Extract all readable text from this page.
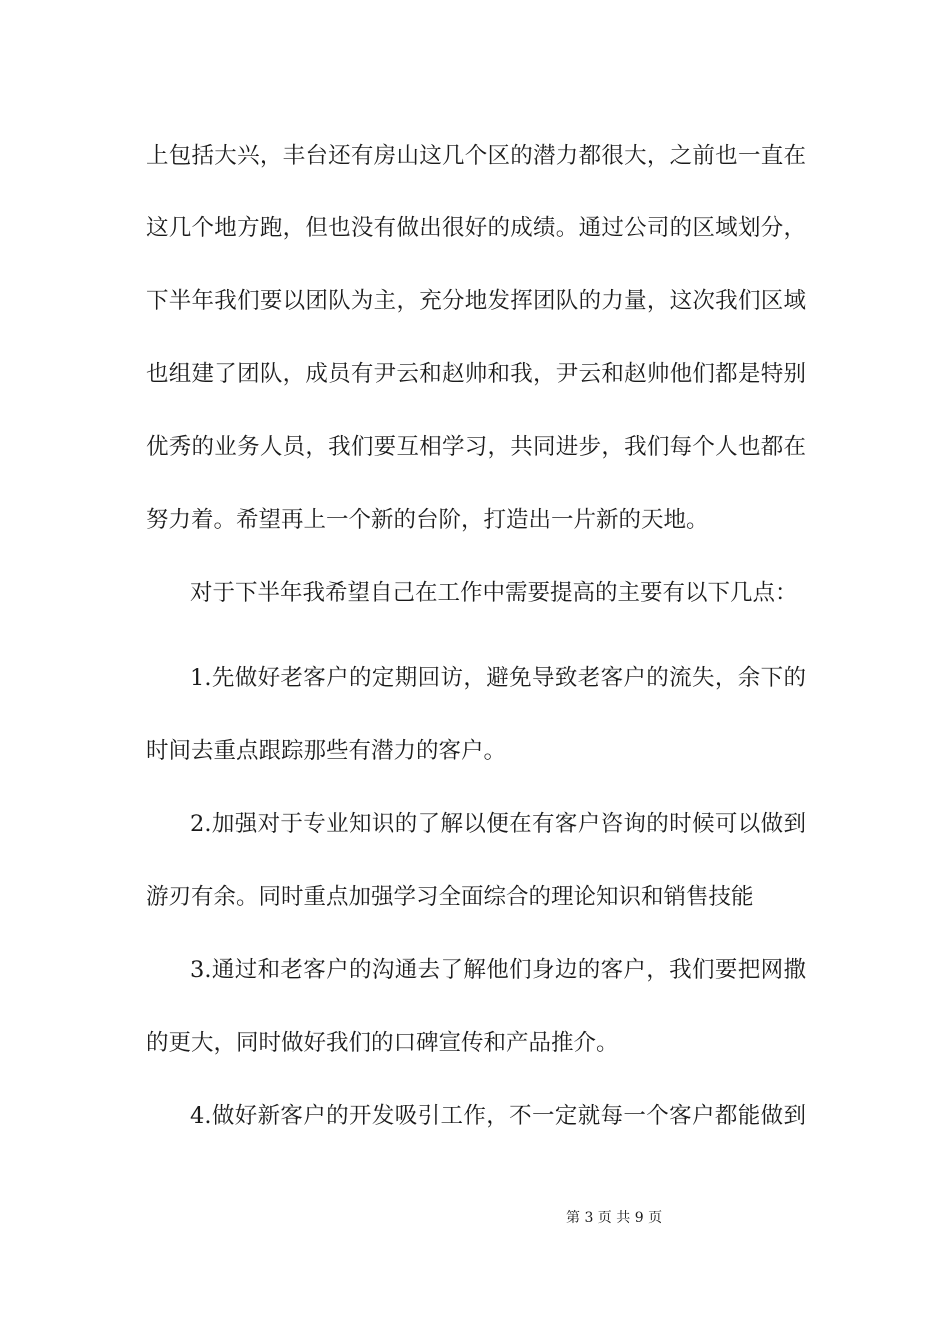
上包括大兴，丰台还有房山这几个区的潜力都很大，之前也一直在
这几个地方跑，但也没有做出很好的成绩。通过公司的区域划分，
下半年我们要以团队为主，充分地发挥团队的力量，这次我们区域
也组建了团队，成员有尹云和赵帅和我，尹云和赵帅他们都是特别
优秀的业务人员，我们要互相学习，共同进步，我们每个人也都在
努力着。希望再上一个新的台阶，打造出一片新的天地。
对于下半年我希望自己在工作中需要提高的主要有以下几点：
1.先做好老客户的定期回访，避免导致老客户的流失，余下的
时间去重点跟踪那些有潜力的客户。
2.加强对于专业知识的了解以便在有客户咨询的时候可以做到
游刃有余。同时重点加强学习全面综合的理论知识和销售技能
3.通过和老客户的沟通去了解他们身边的客户，我们要把网撒
的更大，同时做好我们的口碑宣传和产品推介。
4.做好新客户的开发吸引工作，不一定就每一个客户都能做到
第 3 页 共 9 页
